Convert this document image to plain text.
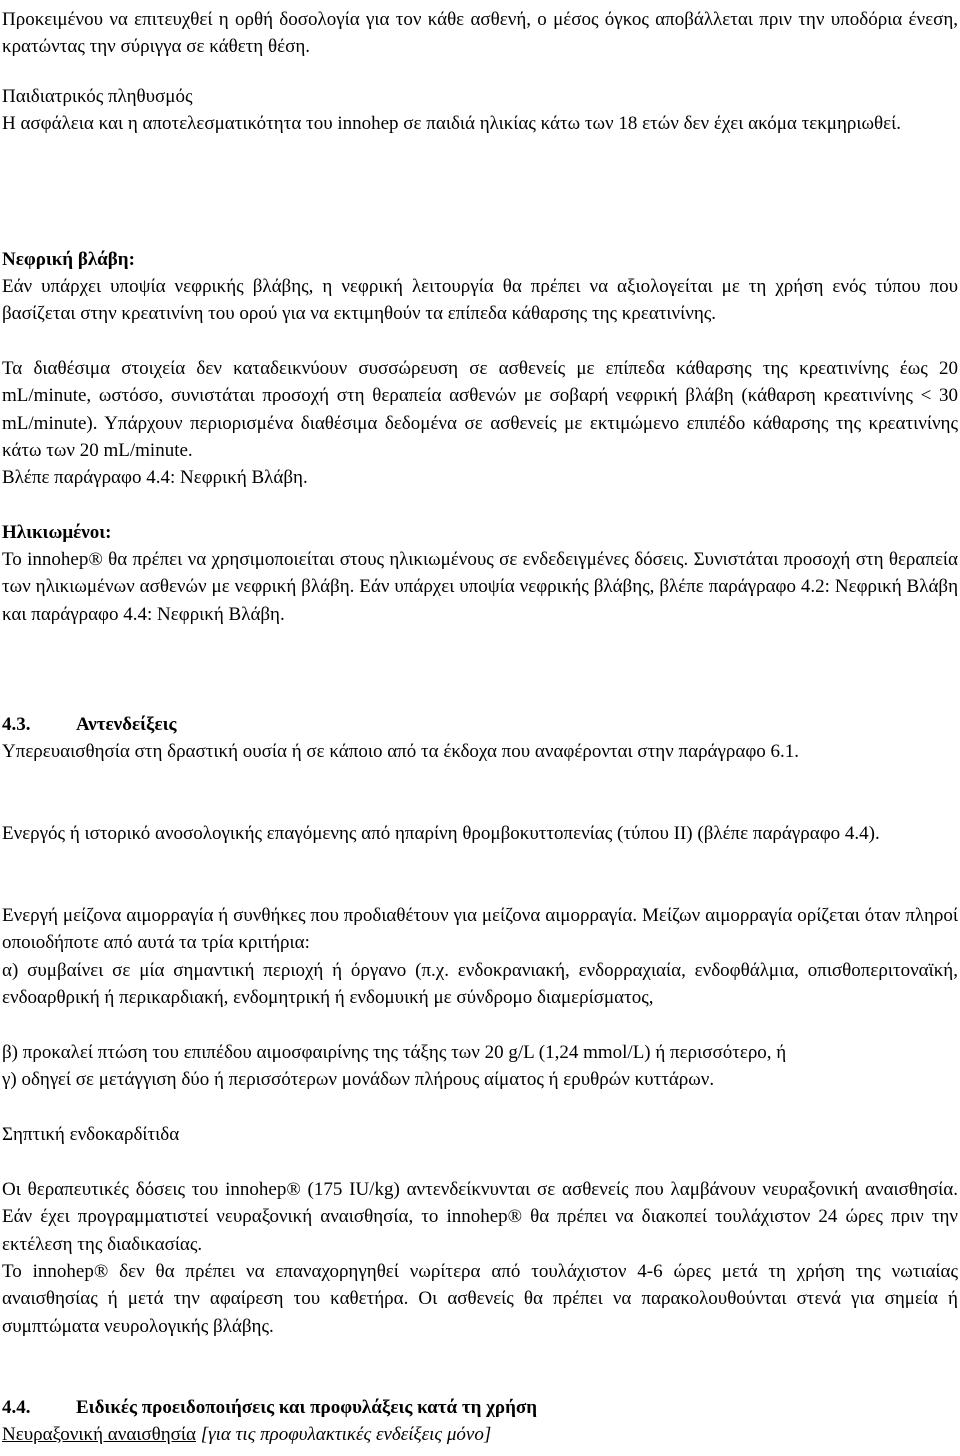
Προκειμένου να επιτευχθεί η ορθή δοσολογία για τον κάθε ασθενή, ο μέσος όγκος αποβάλλεται πριν την υποδόρια ένεση, κρατώντας την σύριγγα σε κάθετη θέση.

Παιδιατρικός πληθυσμός

Η ασφάλεια και η αποτελεσματικότητα του innohep σε παιδιά ηλικίας κάτω των 18 ετών δεν έχει ακόμα τεκμηριωθεί.

Νεφρική βλάβη:

Εάν υπάρχει υποψία νεφρικής βλάβης, η νεφρική λειτουργία θα πρέπει να αξιολογείται με τη χρήση ενός τύπου που βασίζεται στην κρεατινίνη του ορού για να εκτιμηθούν τα επίπεδα κάθαρσης της κρεατινίνης.

Τα διαθέσιμα στοιχεία δεν καταδεικνύουν συσσώρευση σε ασθενείς με επίπεδα κάθαρσης της κρεατινίνης έως 20 mL/minute, ωστόσο, συνιστάται προσοχή στη θεραπεία ασθενών με σοβαρή νεφρική βλάβη (κάθαρση κρεατινίνης < 30 mL/minute). Υπάρχουν περιορισμένα διαθέσιμα δεδομένα σε ασθενείς με εκτιμώμενο επιπέδο κάθαρσης της κρεατινίνης κάτω των 20 mL/minute.

Βλέπε παράγραφο 4.4: Νεφρική Βλάβη.
Ηλικιωμένοι:

Το innohep® θα πρέπει να χρησιμοποιείται στους ηλικιωμένους σε ενδεδειγμένες δόσεις. Συνιστάται προσοχή στη θεραπεία των ηλικιωμένων ασθενών με νεφρική βλάβη. Εάν υπάρχει υποψία νεφρικής βλάβης, βλέπε παράγραφο 4.2: Νεφρική Βλάβη και παράγραφο 4.4: Νεφρική Βλάβη.

4.3. Αντενδείξεις

Υπερευαισθησία στη δραστική ουσία ή σε κάποιο από τα έκδοχα που αναφέρονται στην παράγραφο 6.1.

Ενεργός ή ιστορικό ανοσολογικής επαγόμενης από ηπαρίνη θρομβοκυττοπενίας (τύπου ΙΙ) (βλέπε παράγραφο 4.4).

Ενεργή μείζονα αιμορραγία ή συνθήκες που προδιαθέτουν για μείζονα αιμορραγία. Μείζων αιμορραγία ορίζεται όταν πληροί οποιοδήποτε από αυτά τα τρία κριτήρια:

α) συμβαίνει σε μία σημαντική περιοχή ή όργανο (π.χ. ενδοκρανιακή, ενδορραχιαία, ενδοφθάλμια, οπισθοπεριτοναϊκή, ενδοαρθρική ή περικαρδιακή, ενδομητρική ή ενδομυική με σύνδρομο διαμερίσματος,

β) προκαλεί πτώση του επιπέδου αιμοσφαιρίνης της τάξης των 20 g/L (1,24 mmol/L) ή περισσότερο, ή
γ) οδηγεί σε μετάγγιση δύο ή περισσότερων μονάδων πλήρους αίματος ή ερυθρών κυττάρων.
Σηπτική ενδοκαρδίτιδα

Οι θεραπευτικές δόσεις του innohep® (175 IU/kg) αντενδείκνυνται σε ασθενείς που λαμβάνουν νευραξονική αναισθησία. Εάν έχει προγραμματιστεί νευραξονική αναισθησία, το innohep® θα πρέπει να διακοπεί τουλάχιστον 24 ώρες πριν την εκτέλεση της διαδικασίας.

Το innohep® δεν θα πρέπει να επαναχορηγηθεί νωρίτερα από τουλάχιστον 4-6 ώρες μετά τη χρήση της νωτιαίας αναισθησίας ή μετά την αφαίρεση του καθετήρα. Οι ασθενείς θα πρέπει να παρακολουθούνται στενά για σημεία ή συμπτώματα νευρολογικής βλάβης.

4.4. Ειδικές προειδοποιήσεις και προφυλάξεις κατά τη χρήση
Νευραξονική αναισθησία [για τις προφυλακτικές ενδείξεις μόνο]
